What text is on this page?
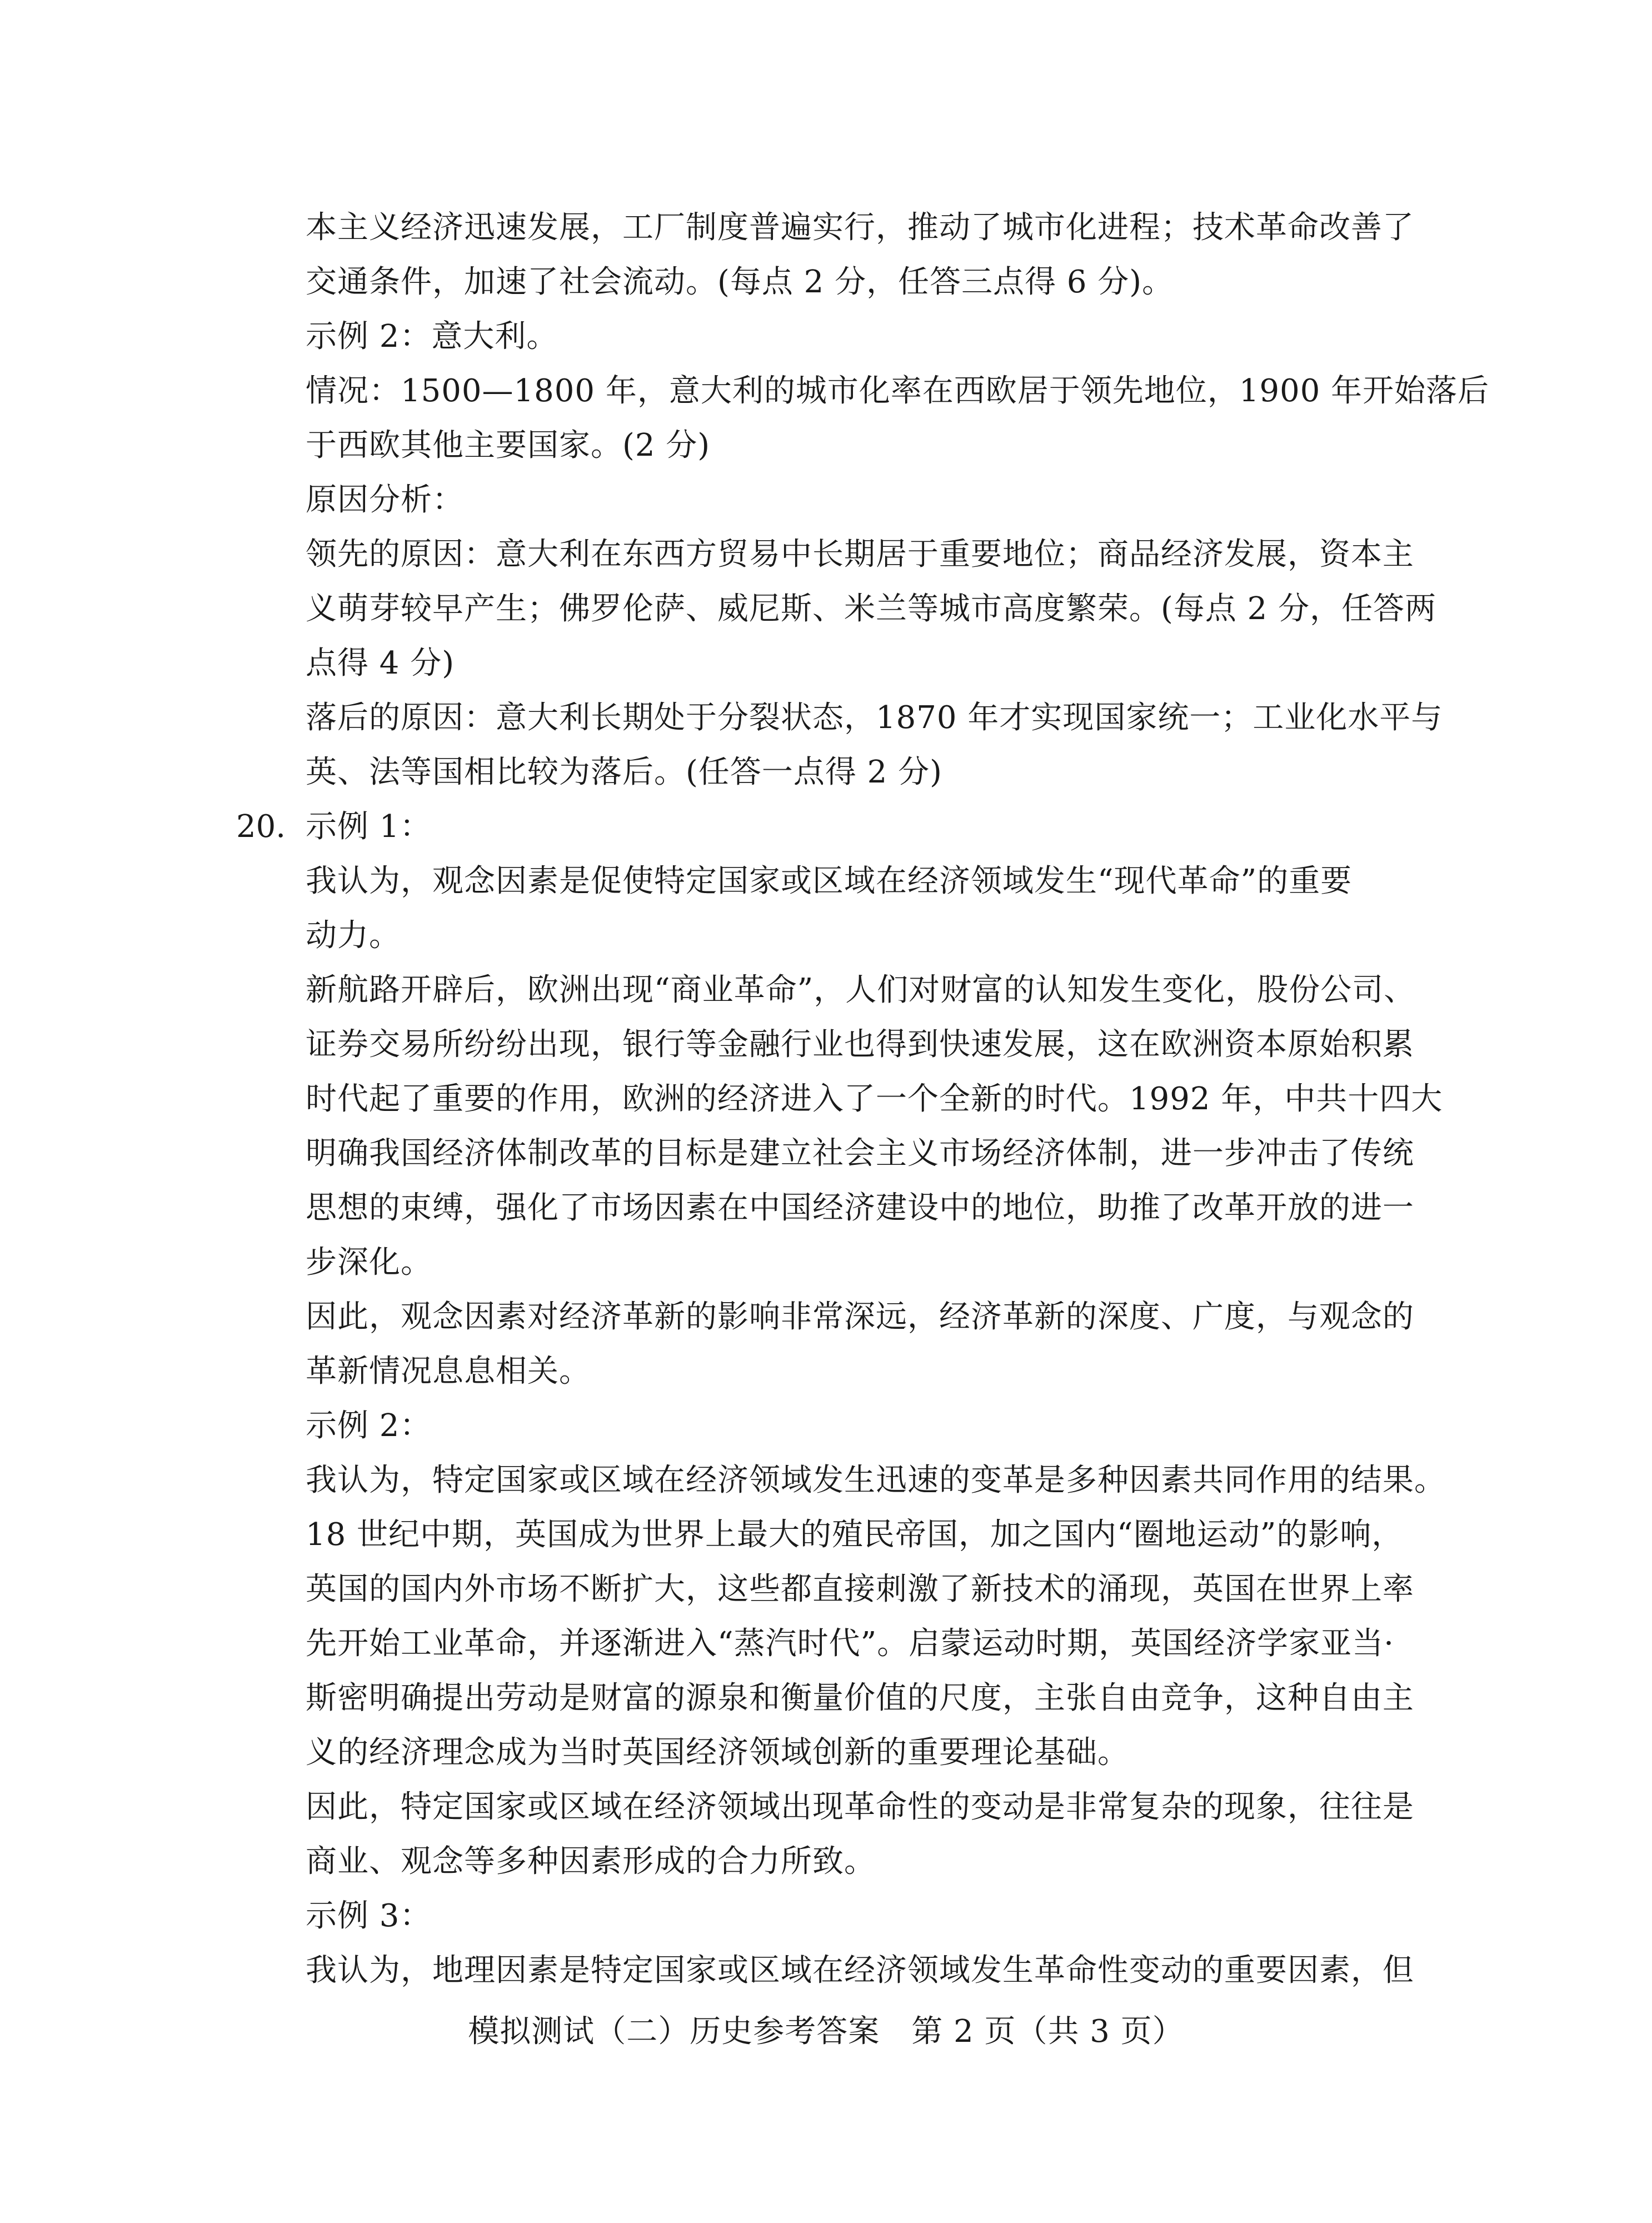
本主义经济迅速发展，工厂制度普遍实行，推动了城市化进程；技术革命改善了
交通条件，加速了社会流动。(每点 2 分，任答三点得 6 分)。
示例 2：意大利。
情况：1500—1800 年，意大利的城市化率在西欧居于领先地位，1900 年开始落后
于西欧其他主要国家。(2 分)
原因分析：
领先的原因：意大利在东西方贸易中长期居于重要地位；商品经济发展，资本主
义萌芽较早产生；佛罗伦萨、威尼斯、米兰等城市高度繁荣。(每点 2 分，任答两
点得 4 分)
落后的原因：意大利长期处于分裂状态，1870 年才实现国家统一；工业化水平与
英、法等国相比较为落后。(任答一点得 2 分)
20. 示例 1：
我认为，观念因素是促使特定国家或区域在经济领域发生“现代革命”的重要
动力。
新航路开辟后，欧洲出现“商业革命”，人们对财富的认知发生变化，股份公司、
证券交易所纷纷出现，银行等金融行业也得到快速发展，这在欧洲资本原始积累
时代起了重要的作用，欧洲的经济进入了一个全新的时代。1992 年，中共十四大
明确我国经济体制改革的目标是建立社会主义市场经济体制，进一步冲击了传统
思想的束缚，强化了市场因素在中国经济建设中的地位，助推了改革开放的进一
步深化。
因此，观念因素对经济革新的影响非常深远，经济革新的深度、广度，与观念的
革新情况息息相关。
示例 2：
我认为，特定国家或区域在经济领域发生迅速的变革是多种因素共同作用的结果。
18 世纪中期，英国成为世界上最大的殖民帝国，加之国内“圈地运动”的影响，
英国的国内外市场不断扩大，这些都直接刺激了新技术的涌现，英国在世界上率
先开始工业革命，并逐渐进入“蒸汽时代”。启蒙运动时期，英国经济学家亚当·
斯密明确提出劳动是财富的源泉和衡量价值的尺度，主张自由竞争，这种自由主
义的经济理念成为当时英国经济领域创新的重要理论基础。
因此，特定国家或区域在经济领域出现革命性的变动是非常复杂的现象，往往是
商业、观念等多种因素形成的合力所致。
示例 3：
我认为，地理因素是特定国家或区域在经济领域发生革命性变动的重要因素，但
模拟测试（二）历史参考答案　第 2 页（共 3 页）
